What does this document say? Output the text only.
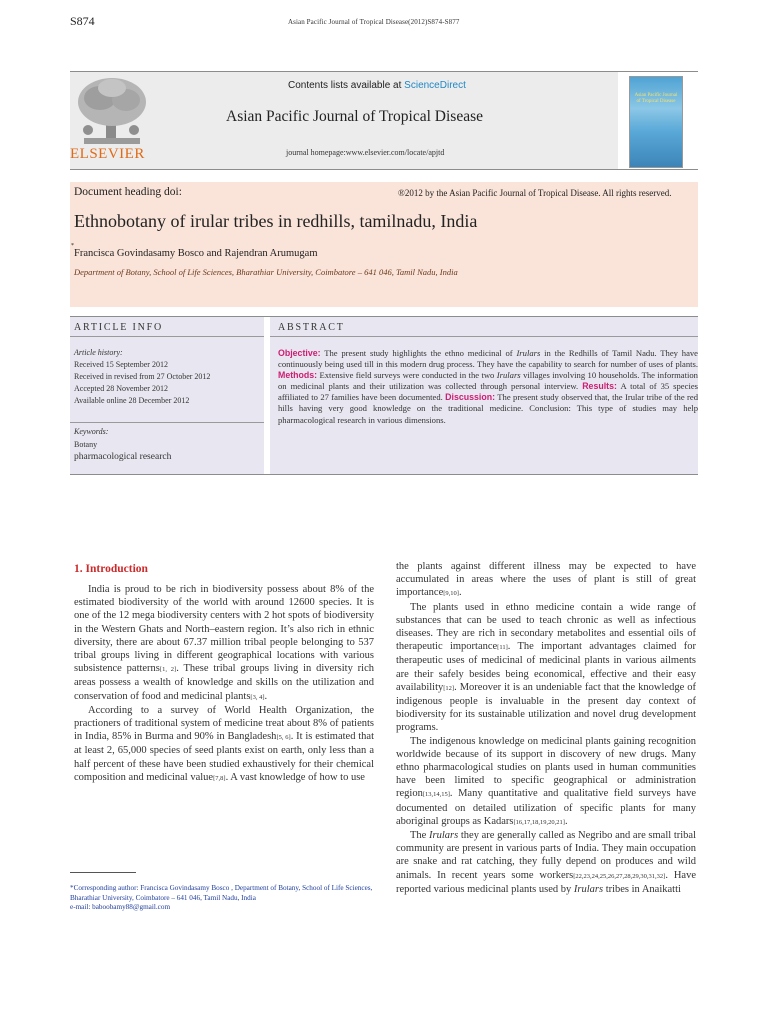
S874	Asian Pacific Journal of Tropical Disease(2012)S874-S877
ELSEVIER
Contents lists available at ScienceDirect
Asian Pacific Journal of Tropical Disease
journal homepage:www.elsevier.com/locate/apjtd
Asian Pacific Journal of Tropical Disease
Document heading doi:	®2012 by the Asian Pacific Journal of Tropical Disease. All rights reserved.
Ethnobotany of irular tribes in redhills, tamilnadu, India
*
Francisca Govindasamy Bosco and Rajendran Arumugam
Department of Botany, School of Life Sciences, Bharathiar University, Coimbatore – 641 046, Tamil Nadu, India
ARTICLE INFO	ABSTRACT
Article history:
Received 15 September 2012
Received in revised from 27 October 2012
Accepted 28 November 2012
Available online 28 December 2012
Keywords:
Botany
pharmacological research
Objective: The present study highlights the ethno medicinal of Irulars in the Redhills of Tamil Nadu. They have continuously being used till in this modern drug process. They have the capability to search for number of uses of plants. Methods: Extensive field surveys were conducted in the two Irulars villages involving 10 households. The information on medicinal plants and their utilization was collected through personal interview. Results: A total of 35 species affiliated to 27 families have been documented. Discussion: The present study observed that, the Irular tribe of the red hills having very good knowledge on the traditional medicine. Conclusion: This type of studies may help pharmacological research in various dimensions.
1. Introduction

India is proud to be rich in biodiversity possess about 8% of the estimated biodiversity of the world with around 12600 species. It is one of the 12 mega biodiversity centers with 2 hot spots of biodiversity in the Western Ghats and North–eastern region. It’s also rich in ethnic diversity, there are about 67.37 million tribal people belonging to 537 tribal groups living in different geographical locations with various subsistence patterns[1, 2]. These tribal groups living in diversity rich areas possess a wealth of knowledge and skills on the utilization and conservation of food and medicinal plants[3, 4].

According to a survey of World Health Organization, the practioners of traditional system of medicine treat about 8% of patients in India, 85% in Burma and 90% in Bangladesh[5, 6]. It is estimated that at least 2, 65,000 species of seed plants exist on earth, only less than a half percent of these have been studied exhaustively for their chemical composition and medicinal value[7,8]. A vast knowledge of how to use

the plants against different illness may be expected to have accumulated in areas where the uses of plant is still of great importance[9,10].

The plants used in ethno medicine contain a wide range of substances that can be used to teach chronic as well as infectious diseases. They are rich in secondary metabolites and essential oils of therapeutic importance[11]. The important advantages claimed for therapeutic uses of medicinal of medicinal plants in various ailments are their safely besides being economical, effective and their easy availability[12]. Moreover it is an undeniable fact that the knowledge of indigenous people is invaluable in the present day context of biodiversity for its sustainable utilization and novel drug development programs.

The indigenous knowledge on medicinal plants gaining recognition worldwide because of its support in discovery of new drugs. Many ethno pharmacological studies on plants used in human communities have been limited to specific geographical or administration region[13,14,15]. Many quantitative and qualitative field surveys have documented on detailed utilization of specific plants for many aboriginal groups as Kadars[16,17,18,19,20,21].

The Irulars they are generally called as Negribo and are small tribal community are present in various parts of India. They main occupation are snake and rat catching, they fully depend on produces and wild animals. In recent years some workers[22,23,24,25,26,27,28,29,30,31,32]. Have reported various medicinal plants used by Irulars tribes in Anaikatti

*Corresponding author: Francisca Govindasamy Bosco , Department of Botany, School of Life Sciences, Bharathiar University, Coimbatore – 641 046, Tamil Nadu, India
e-mail: baboobamy88@gmail.com
